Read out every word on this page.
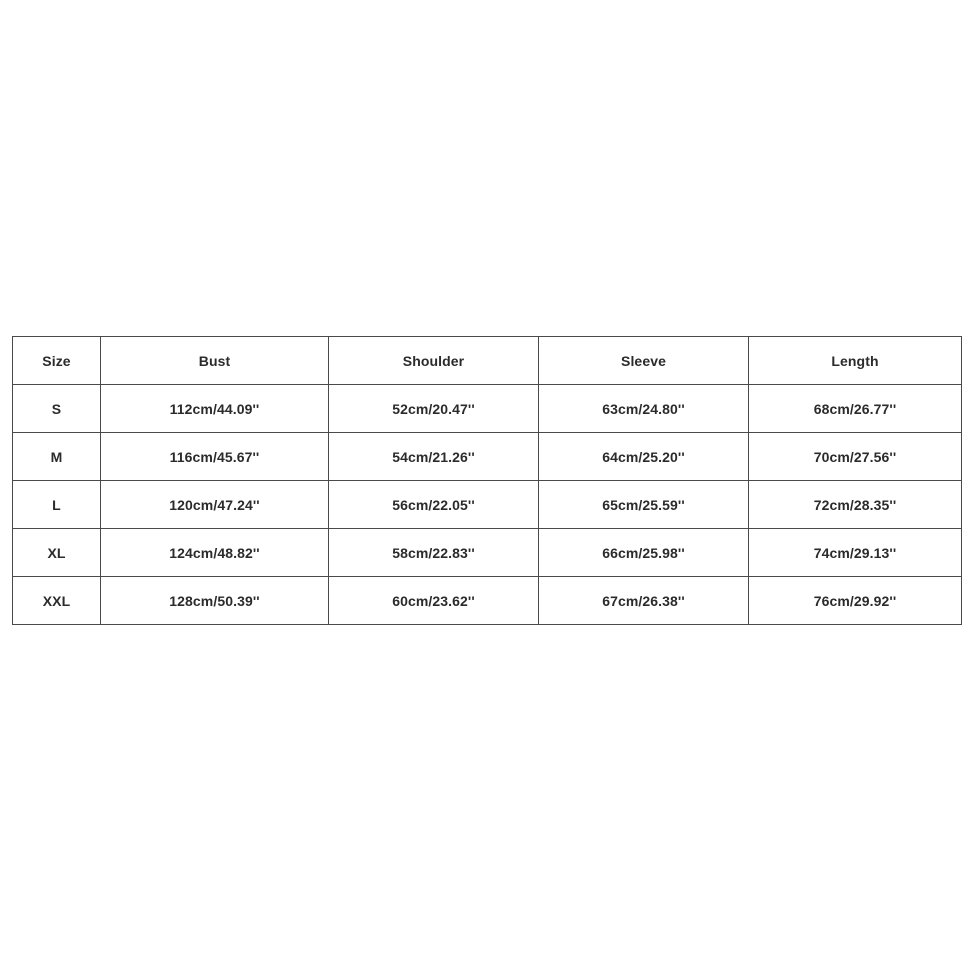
Size	Bust	Shoulder	Sleeve	Length
S	112cm/44.09''	52cm/20.47''	63cm/24.80''	68cm/26.77''
M	116cm/45.67''	54cm/21.26''	64cm/25.20''	70cm/27.56''
L	120cm/47.24''	56cm/22.05''	65cm/25.59''	72cm/28.35''
XL	124cm/48.82''	58cm/22.83''	66cm/25.98''	74cm/29.13''
XXL	128cm/50.39''	60cm/23.62''	67cm/26.38''	76cm/29.92''
